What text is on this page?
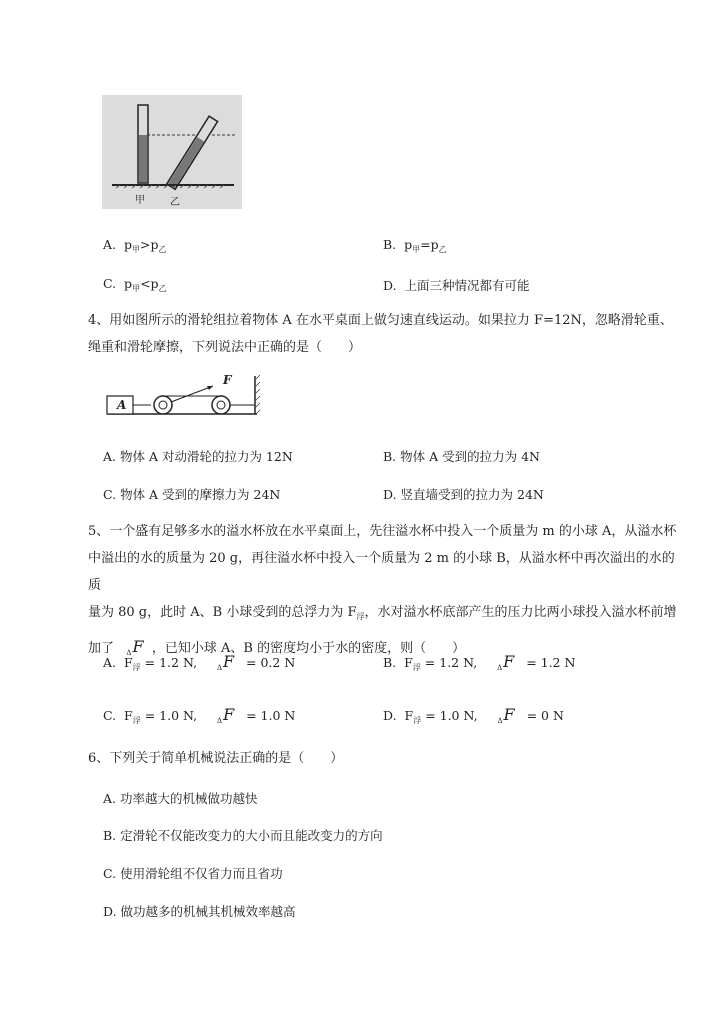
甲	乙
A. $p_甲>p_乙$	B. $p_甲=p_乙$
C. $p_甲<p_乙$	D. 上面三种情况都有可能
4、用如图所示的滑轮组拉着物体 A 在水平桌面上做匀速直线运动。如果拉力 F=12N，忽略滑轮重、绳重和滑轮摩擦，下列说法中正确的是（　　）
A
F
A. 物体 A 对动滑轮的拉力为 12N	B. 物体 A 受到的拉力为 4N
C. 物体 A 受到的摩擦力为 24N	D. 竖直墙受到的拉力为 24N
5、一个盛有足够多水的溢水杯放在水平桌面上，先往溢水杯中投入一个质量为 m 的小球 A，从溢水杯
中溢出的水的质量为 20 g，再往溢水杯中投入一个质量为 2 m 的小球 B，从溢水杯中再次溢出的水的质
量为 80 g，此时 A、B 小球受到的总浮力为 $F_浮$，水对溢水杯底部产生的压力比两小球投入溢水杯前增
加了 $_\Delta$F ，已知小球 A、B 的密度均小于水的密度，则（　　）
A. $F_浮 = 1.2$ N,	$_\Delta$F = 0.2 N	B. $F_浮 = 1.2$ N,	$_\Delta$F = 1.2 N
C. $F_浮 = 1.0$ N,	$_\Delta$F = 1.0 N	D. $F_浮 = 1.0$ N,	$_\Delta$F = 0 N
6、下列关于简单机械说法正确的是（　　）
A. 功率越大的机械做功越快
B. 定滑轮不仅能改变力的大小而且能改变力的方向
C. 使用滑轮组不仅省力而且省功
D. 做功越多的机械其机械效率越高
